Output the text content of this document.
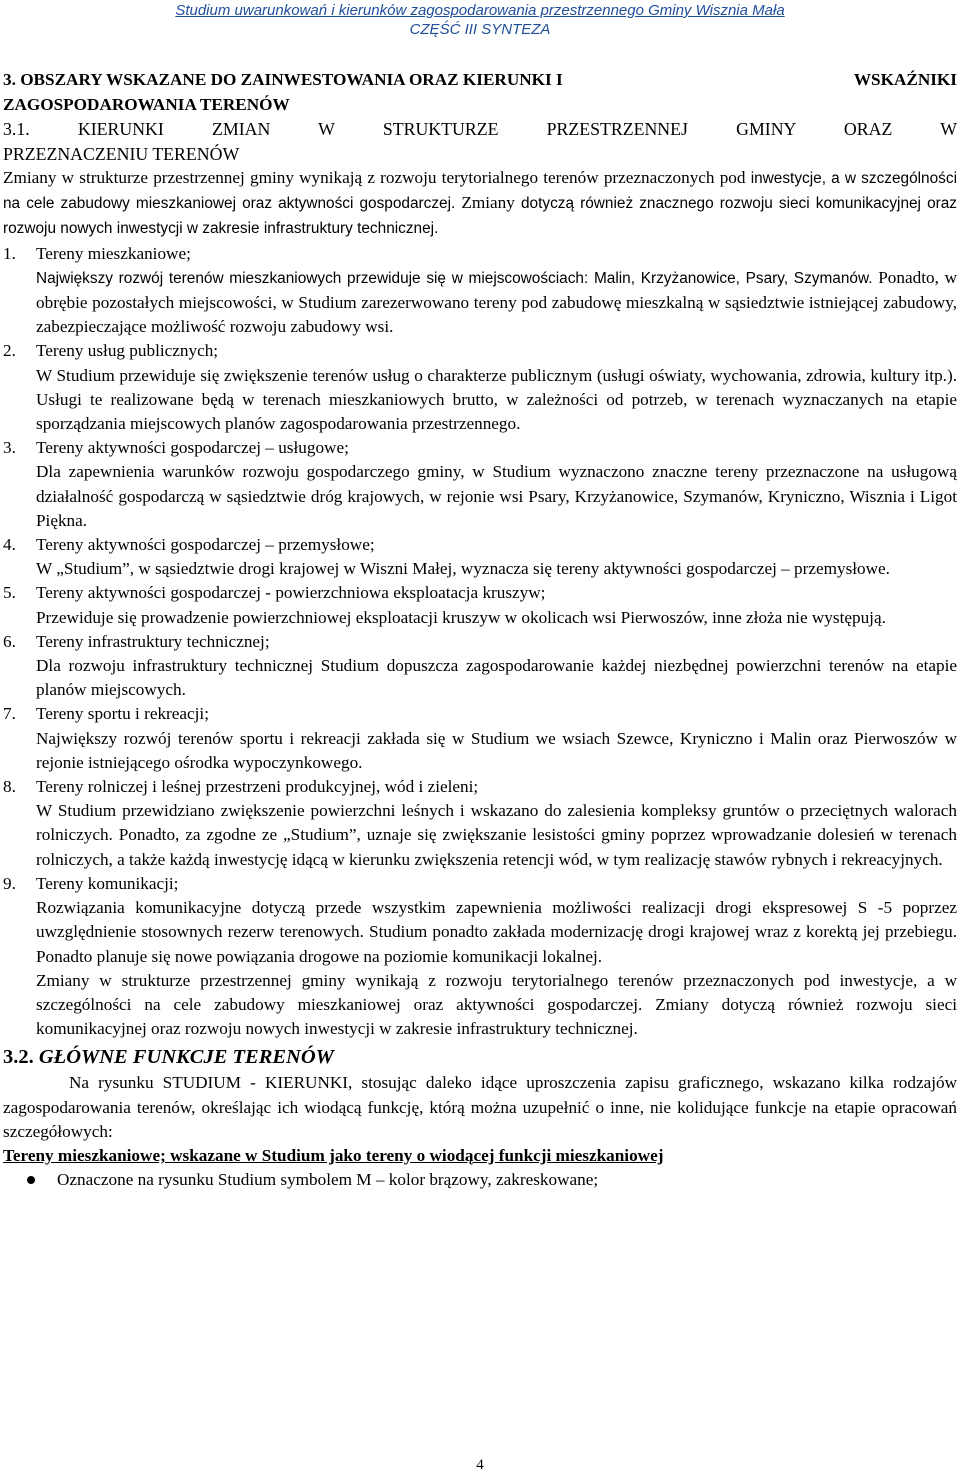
Studium uwarunkowań i kierunków zagospodarowania przestrzennego Gminy Wisznia Mała
CZĘŚĆ III SYNTEZA
WSKAŹNIKI
3. OBSZARY WSKAZANE DO ZAINWESTOWANIA ORAZ KIERUNKI I
ZAGOSPODAROWANIA TERENÓW
3.1. KIERUNKI ZMIAN W STRUKTURZE PRZESTRZENNEJ GMINY ORAZ W
PRZEZNACZENIU TERENÓW
Zmiany w strukturze przestrzennej gminy wynikają z rozwoju terytorialnego terenów przeznaczonych pod inwestycje, a w szczególności na cele zabudowy mieszkaniowej oraz aktywności gospodarczej. Zmiany dotyczą również znacznego rozwoju sieci komunikacyjnej oraz rozwoju nowych inwestycji w zakresie infrastruktury technicznej.
1. Tereny mieszkaniowe;
Największy rozwój terenów mieszkaniowych przewiduje się w miejscowościach: Malin, Krzyżanowice, Psary, Szymanów. Ponadto, w obrębie pozostałych miejscowości, w Studium zarezerwowano tereny pod zabudowę mieszkalną w sąsiedztwie istniejącej zabudowy, zabezpieczające możliwość rozwoju zabudowy wsi.
2. Tereny usług publicznych;
W Studium przewiduje się zwiększenie terenów usług o charakterze publicznym (usługi oświaty, wychowania, zdrowia, kultury itp.). Usługi te realizowane będą w terenach mieszkaniowych brutto, w zależności od potrzeb, w terenach wyznaczanych na etapie sporządzania miejscowych planów zagospodarowania przestrzennego.
3. Tereny aktywności gospodarczej – usługowe;
Dla zapewnienia warunków rozwoju gospodarczego gminy, w Studium wyznaczono znaczne tereny przeznaczone na usługową działalność gospodarczą w sąsiedztwie dróg krajowych, w rejonie wsi Psary, Krzyżanowice, Szymanów, Kryniczno, Wisznia i Ligot Piękna.
4. Tereny aktywności gospodarczej – przemysłowe;
W „Studium”, w sąsiedztwie drogi krajowej w Wiszni Małej, wyznacza się tereny aktywności gospodarczej – przemysłowe.
5. Tereny aktywności gospodarczej - powierzchniowa eksploatacja kruszyw;
Przewiduje się prowadzenie powierzchniowej eksploatacji kruszyw w okolicach wsi Pierwoszów, inne złoża nie występują.
6. Tereny infrastruktury technicznej;
Dla rozwoju infrastruktury technicznej Studium dopuszcza zagospodarowanie każdej niezbędnej powierzchni terenów na etapie planów miejscowych.
7. Tereny sportu i rekreacji;
Największy rozwój terenów sportu i rekreacji zakłada się w Studium we wsiach Szewce, Kryniczno i Malin oraz Pierwoszów w rejonie istniejącego ośrodka wypoczynkowego.
8. Tereny rolniczej i leśnej przestrzeni produkcyjnej, wód i zieleni;
W Studium przewidziano zwiększenie powierzchni leśnych i wskazano do zalesienia kompleksy gruntów o przeciętnych walorach rolniczych. Ponadto, za zgodne ze „Studium”, uznaje się zwiększanie lesistości gminy poprzez wprowadzanie dolesień w terenach rolniczych, a także każdą inwestycję idącą w kierunku zwiększenia retencji wód, w tym realizację stawów rybnych i rekreacyjnych.
9. Tereny komunikacji;
Rozwiązania komunikacyjne dotyczą przede wszystkim zapewnienia możliwości realizacji drogi ekspresowej S -5 poprzez uwzględnienie stosownych rezerw terenowych. Studium ponadto zakłada modernizację drogi krajowej wraz z korektą jej przebiegu. Ponadto planuje się nowe powiązania drogowe na poziomie komunikacji lokalnej.
Zmiany w strukturze przestrzennej gminy wynikają z rozwoju terytorialnego terenów przeznaczonych pod inwestycje, a w szczególności na cele zabudowy mieszkaniowej oraz aktywności gospodarczej. Zmiany dotyczą również rozwoju sieci komunikacyjnej oraz rozwoju nowych inwestycji w zakresie infrastruktury technicznej.
3.2. GŁÓWNE FUNKCJE TERENÓW
Na rysunku STUDIUM - KIERUNKI, stosując daleko idące uproszczenia zapisu graficznego, wskazano kilka rodzajów zagospodarowania terenów, określając ich wiodącą funkcję, którą można uzupełnić o inne, nie kolidujące funkcje na etapie opracowań szczegółowych:
Tereny mieszkaniowe; wskazane w Studium jako tereny o wiodącej funkcji mieszkaniowej
Oznaczone na rysunku Studium symbolem M – kolor brązowy, zakreskowane;
4
